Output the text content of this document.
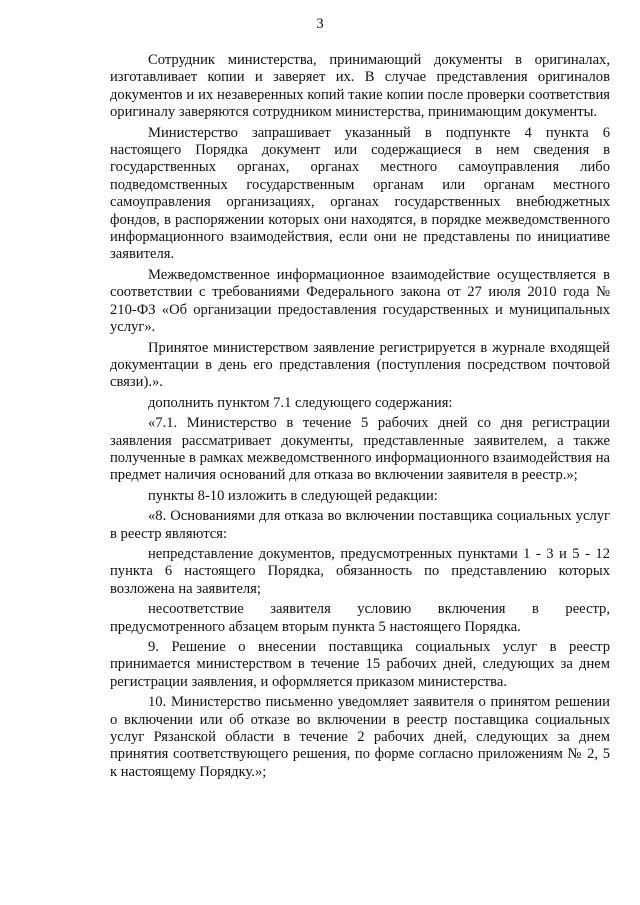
3

Сотрудник министерства, принимающий документы в оригиналах, изготавливает копии и заверяет их. В случае представления оригиналов документов и их незаверенных копий такие копии после проверки соответствия оригиналу заверяются сотрудником министерства, принимающим документы.

Министерство запрашивает указанный в подпункте 4 пункта 6 настоящего Порядка документ или содержащиеся в нем сведения в государственных органах, органах местного самоуправления либо подведомственных государственным органам или органам местного самоуправления организациях, органах государственных внебюджетных фондов, в распоряжении которых они находятся, в порядке межведомственного информационного взаимодействия, если они не представлены по инициативе заявителя.

Межведомственное информационное взаимодействие осуществляется в соответствии с требованиями Федерального закона от 27 июля 2010 года № 210-ФЗ «Об организации предоставления государственных и муниципальных услуг».

Принятое министерством заявление регистрируется в журнале входящей документации в день его представления (поступления посредством почтовой связи).».

дополнить пунктом 7.1 следующего содержания:

«7.1. Министерство в течение 5 рабочих дней со дня регистрации заявления рассматривает документы, представленные заявителем, а также полученные в рамках межведомственного информационного взаимодействия на предмет наличия оснований для отказа во включении заявителя в реестр.»;

пункты 8-10 изложить в следующей редакции:

«8. Основаниями для отказа во включении поставщика социальных услуг в реестр являются:

непредставление документов, предусмотренных пунктами 1 - 3 и 5 - 12 пункта 6 настоящего Порядка, обязанность по представлению которых возложена на заявителя;

несоответствие заявителя условию включения в реестр, предусмотренного абзацем вторым пункта 5 настоящего Порядка.

9. Решение о внесении поставщика социальных услуг в реестр принимается министерством в течение 15 рабочих дней, следующих за днем регистрации заявления, и оформляется приказом министерства.

10. Министерство письменно уведомляет заявителя о принятом решении о включении или об отказе во включении в реестр поставщика социальных услуг Рязанской области в течение 2 рабочих дней, следующих за днем принятия соответствующего решения, по форме согласно приложениям № 2, 5 к настоящему Порядку.»;
